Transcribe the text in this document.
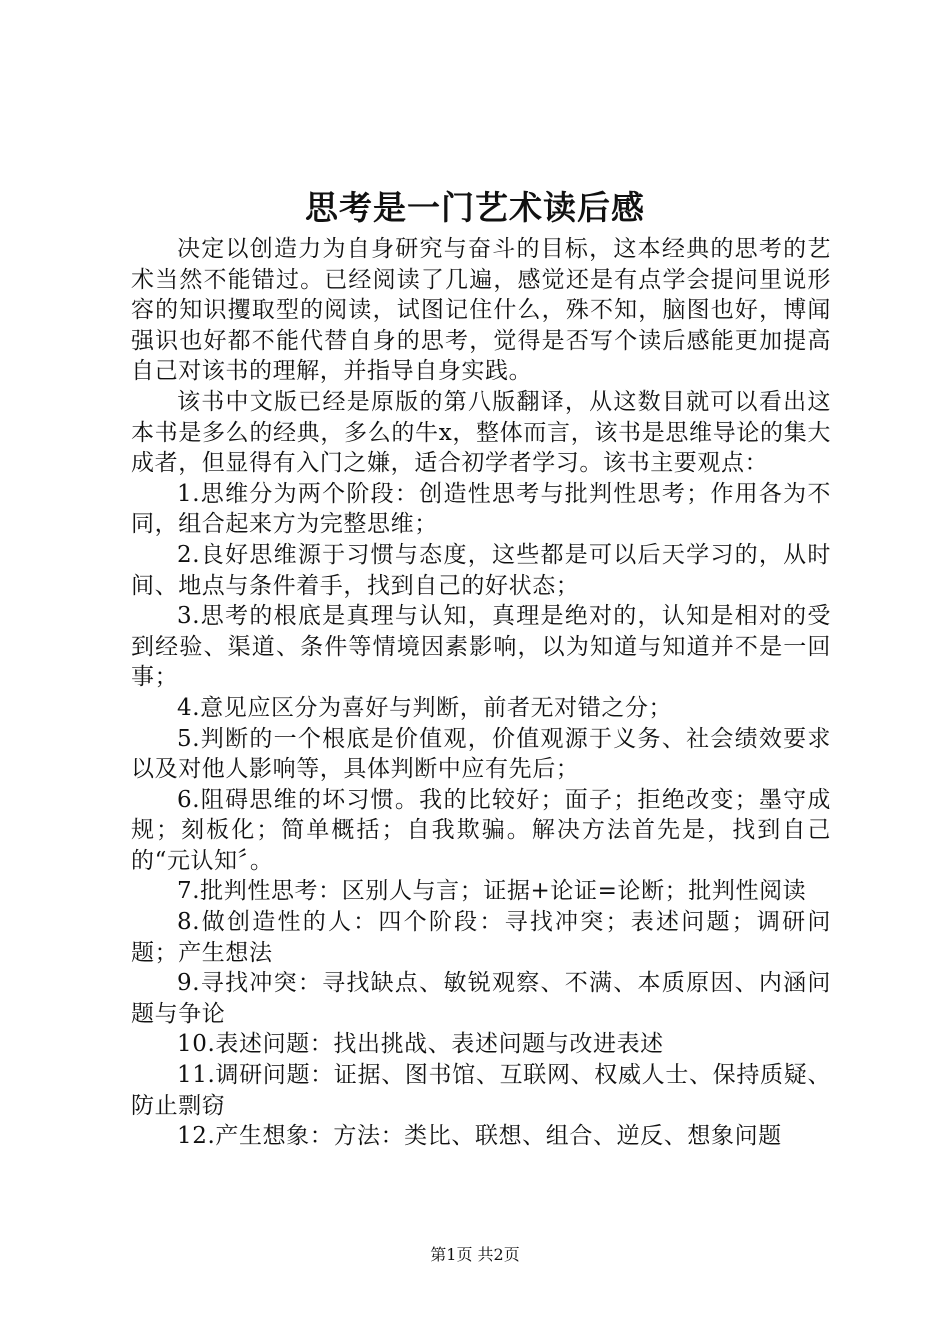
思考是一门艺术读后感

决定以创造力为自身研究与奋斗的目标，这本经典的思考的艺术当然不能错过。已经阅读了几遍，感觉还是有点学会提问里说形容的知识攫取型的阅读，试图记住什么，殊不知，脑图也好，博闻强识也好都不能代替自身的思考，觉得是否写个读后感能更加提高自己对该书的理解，并指导自身实践。

该书中文版已经是原版的第八版翻译，从这数目就可以看出这本书是多么的经典，多么的牛x，整体而言，该书是思维导论的集大成者，但显得有入门之嫌，适合初学者学习。该书主要观点：

1.思维分为两个阶段：创造性思考与批判性思考；作用各为不同，组合起来方为完整思维；

2.良好思维源于习惯与态度，这些都是可以后天学习的，从时间、地点与条件着手，找到自己的好状态；

3.思考的根底是真理与认知，真理是绝对的，认知是相对的受到经验、渠道、条件等情境因素影响，以为知道与知道并不是一回事；

4.意见应区分为喜好与判断，前者无对错之分；

5.判断的一个根底是价值观，价值观源于义务、社会绩效要求以及对他人影响等，具体判断中应有先后；

6.阻碍思维的坏习惯。我的比较好；面子；拒绝改变；墨守成规；刻板化；简单概括；自我欺骗。解决方法首先是，找到自己的“元认知〞。

7.批判性思考：区别人与言；证据+论证=论断；批判性阅读

8.做创造性的人：四个阶段：寻找冲突；表述问题；调研问题；产生想法

9.寻找冲突：寻找缺点、敏锐观察、不满、本质原因、内涵问题与争论

10.表述问题：找出挑战、表述问题与改进表述

11.调研问题：证据、图书馆、互联网、权威人士、保持质疑、防止剽窃

12.产生想象：方法：类比、联想、组合、逆反、想象问题

第1页 共2页
